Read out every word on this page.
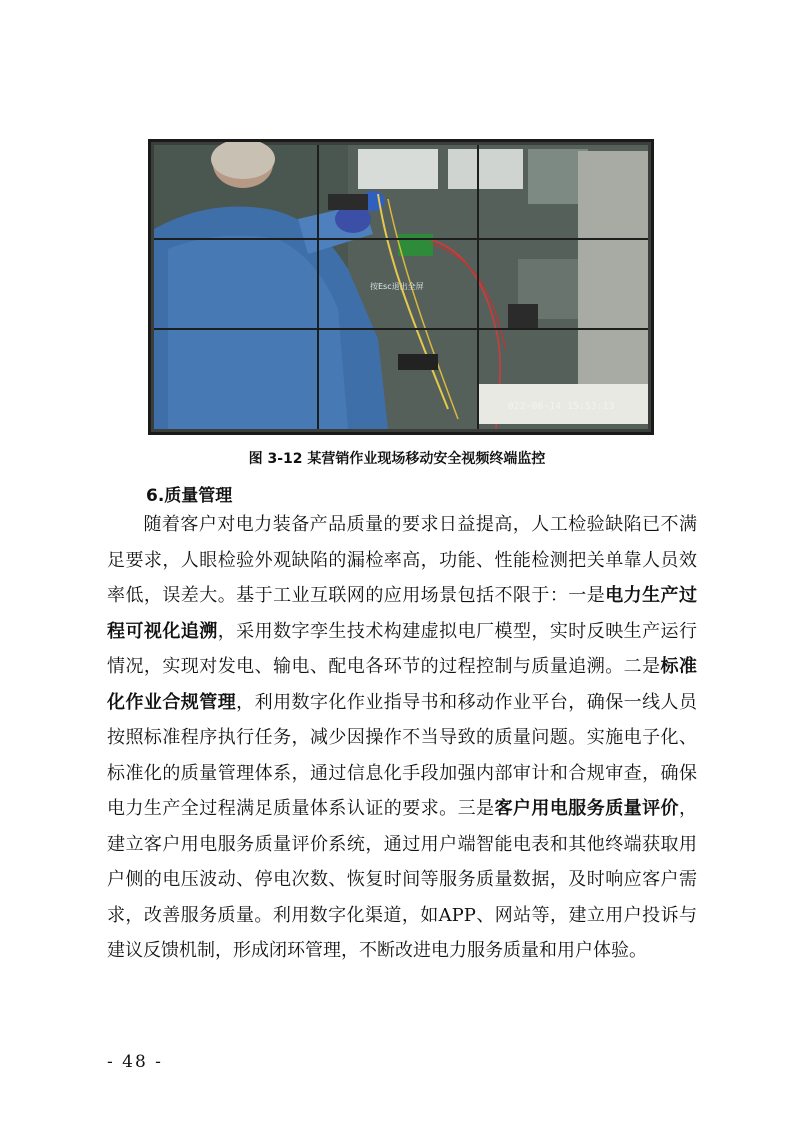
按Esc退出全屏
022-06-14 15:53:13
图 3-12 某营销作业现场移动安全视频终端监控
6.质量管理
随着客户对电力装备产品质量的要求日益提高，人工检验缺陷已不满足要求，人眼检验外观缺陷的漏检率高，功能、性能检测把关单靠人员效率低，误差大。基于工业互联网的应用场景包括不限于：一是电力生产过程可视化追溯，采用数字孪生技术构建虚拟电厂模型，实时反映生产运行情况，实现对发电、输电、配电各环节的过程控制与质量追溯。二是标准化作业合规管理，利用数字化作业指导书和移动作业平台，确保一线人员按照标准程序执行任务，减少因操作不当导致的质量问题。实施电子化、标准化的质量管理体系，通过信息化手段加强内部审计和合规审查，确保电力生产全过程满足质量体系认证的要求。三是客户用电服务质量评价，建立客户用电服务质量评价系统，通过用户端智能电表和其他终端获取用户侧的电压波动、停电次数、恢复时间等服务质量数据，及时响应客户需求，改善服务质量。利用数字化渠道，如APP、网站等，建立用户投诉与建议反馈机制，形成闭环管理，不断改进电力服务质量和用户体验。
- 48 -
